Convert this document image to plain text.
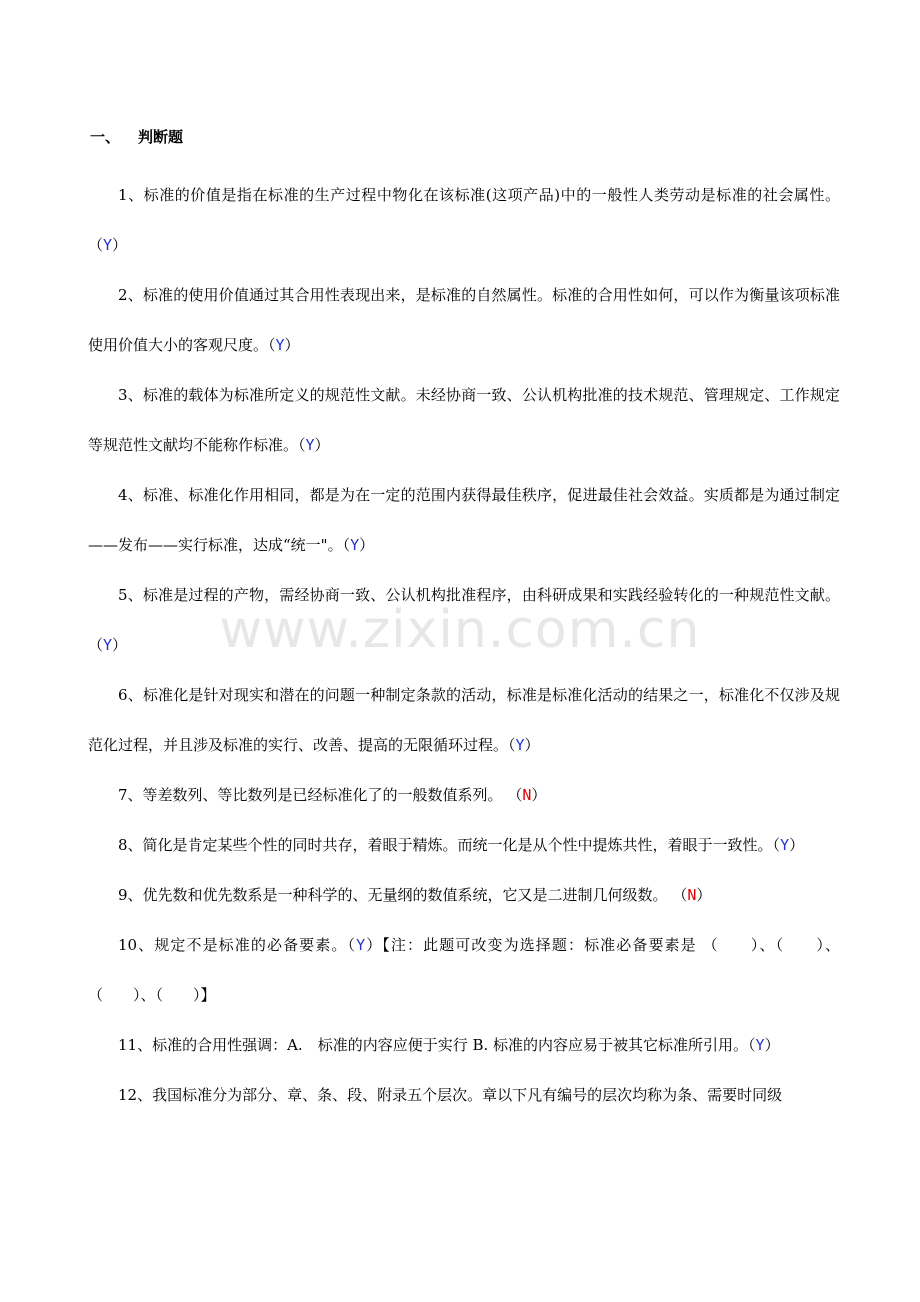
一、 判断题

1、标准的价值是指在标准的生产过程中物化在该标准(这项产品)中的一般性人类劳动是标准的社会属性。（Y）

2、标准的使用价值通过其合用性表现出来，是标准的自然属性。标准的合用性如何，可以作为衡量该项标准使用价值大小的客观尺度。（Y）

3、标准的载体为标准所定义的规范性文献。未经协商一致、公认机构批准的技术规范、管理规定、工作规定等规范性文献均不能称作标准。（Y）

4、标准、标准化作用相同，都是为在一定的范围内获得最佳秩序，促进最佳社会效益。实质都是为通过制定——发布——实行标准，达成“统一"。（Y）

5、标准是过程的产物，需经协商一致、公认机构批准程序，由科研成果和实践经验转化的一种规范性文献。（Y）

6、标准化是针对现实和潜在的问题一种制定条款的活动，标准是标准化活动的结果之一，标准化不仅涉及规范化过程，并且涉及标准的实行、改善、提高的无限循环过程。（Y）

7、等差数列、等比数列是已经标准化了的一般数值系列。 （N）

8、简化是肯定某些个性的同时共存，着眼于精炼。而统一化是从个性中提炼共性，着眼于一致性。（Y）

9、优先数和优先数系是一种科学的、无量纲的数值系统，它又是二进制几何级数。 （N）

10、规定不是标准的必备要素。（Y）【注：此题可改变为选择题：标准必备要素是 （　　）、（　　）、（　　）、（　　）】

11、标准的合用性强调：A.　标准的内容应便于实行 B. 标准的内容应易于被其它标准所引用。（Y）

12、我国标准分为部分、章、条、段、附录五个层次。章以下凡有编号的层次均称为条、需要时同级

www.zixin.com.cn
